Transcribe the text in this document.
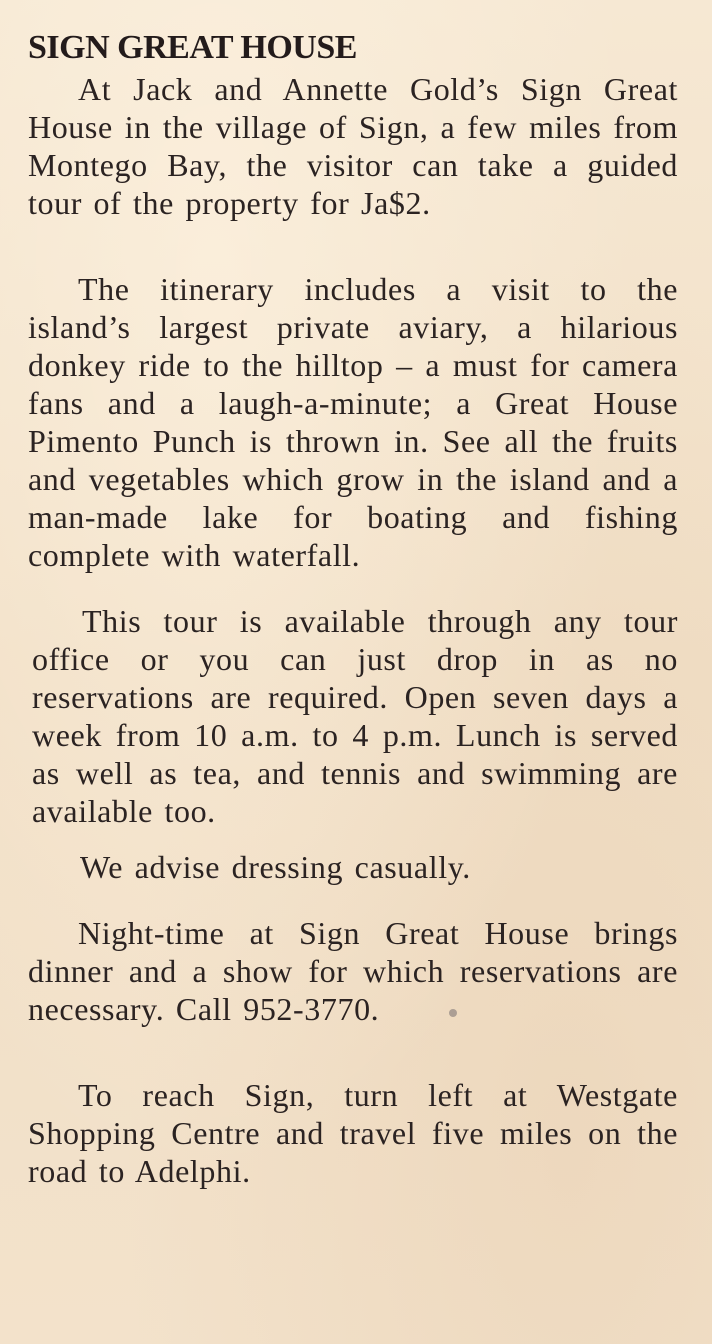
SIGN GREAT HOUSE

At Jack and Annette Gold’s Sign Great House in the village of Sign, a few miles from Montego Bay, the visitor can take a guided tour of the property for Ja$2.

The itinerary includes a visit to the island’s largest private aviary, a hilarious donkey ride to the hilltop – a must for camera fans and a laugh-a-minute; a Great House Pimento Punch is thrown in. See all the fruits and vegetables which grow in the island and a man-made lake for boating and fishing complete with waterfall.

This tour is available through any tour office or you can just drop in as no reservations are required. Open seven days a week from 10 a.m. to 4 p.m. Lunch is served as well as tea, and tennis and swimming are available too.

We advise dressing casually.

Night-time at Sign Great House brings dinner and a show for which reservations are necessary. Call 952-3770.

To reach Sign, turn left at Westgate Shopping Centre and travel five miles on the road to Adelphi.
